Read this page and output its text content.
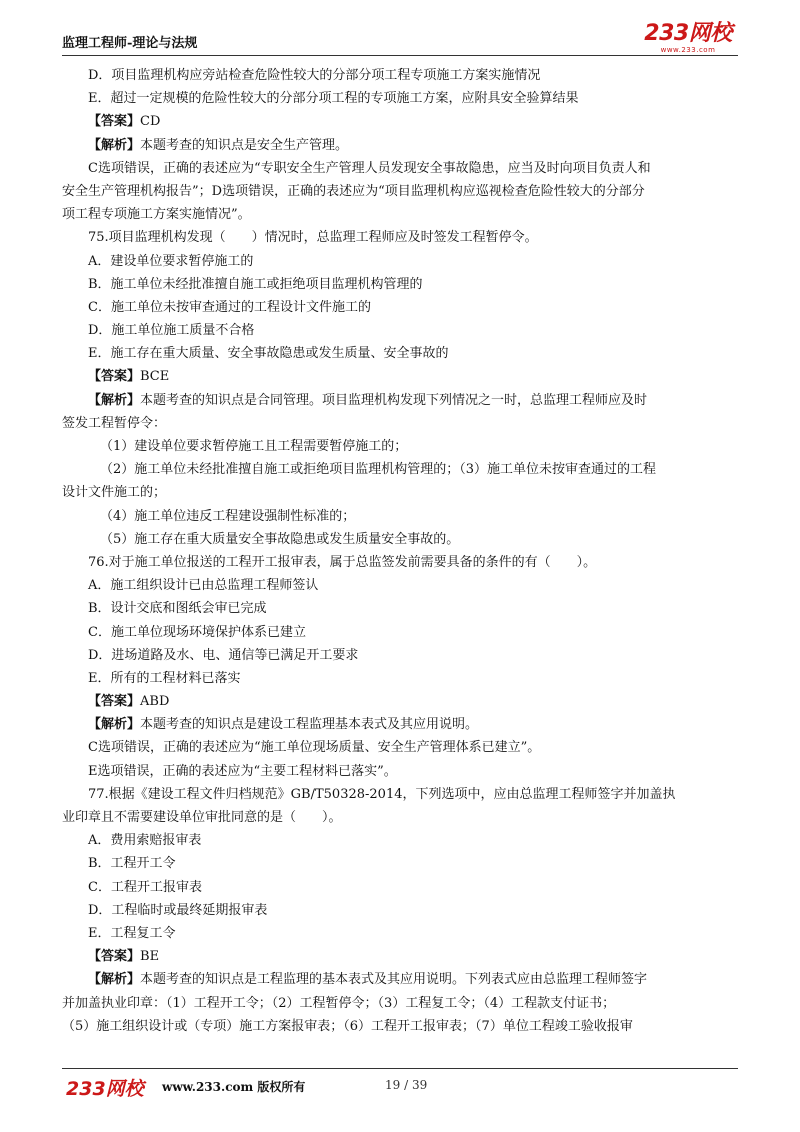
监理工程师-理论与法规	233网校
www.233.com
D．项目监理机构应旁站检查危险性较大的分部分项工程专项施工方案实施情况
E．超过一定规模的危险性较大的分部分项工程的专项施工方案，应附具安全验算结果
【答案】CD
【解析】本题考查的知识点是安全生产管理。
C选项错误，正确的表述应为“专职安全生产管理人员发现安全事故隐患，应当及时向项目负责人和
安全生产管理机构报告”；D选项错误，正确的表述应为“项目监理机构应巡视检查危险性较大的分部分
项工程专项施工方案实施情况”。
75.项目监理机构发现（　　）情况时，总监理工程师应及时签发工程暂停令。
A．建设单位要求暂停施工的
B．施工单位未经批准擅自施工或拒绝项目监理机构管理的
C．施工单位未按审查通过的工程设计文件施工的
D．施工单位施工质量不合格
E．施工存在重大质量、安全事故隐患或发生质量、安全事故的
【答案】BCE
【解析】本题考查的知识点是合同管理。项目监理机构发现下列情况之一时，总监理工程师应及时
签发工程暂停令：
（1）建设单位要求暂停施工且工程需要暂停施工的；
（2）施工单位未经批准擅自施工或拒绝项目监理机构管理的；（3）施工单位未按审查通过的工程
设计文件施工的；
（4）施工单位违反工程建设强制性标准的；
（5）施工存在重大质量安全事故隐患或发生质量安全事故的。
76.对于施工单位报送的工程开工报审表，属于总监签发前需要具备的条件的有（　　）。
A．施工组织设计已由总监理工程师签认
B．设计交底和图纸会审已完成
C．施工单位现场环境保护体系已建立
D．进场道路及水、电、通信等已满足开工要求
E．所有的工程材料已落实
【答案】ABD
【解析】本题考查的知识点是建设工程监理基本表式及其应用说明。
C选项错误，正确的表述应为“施工单位现场质量、安全生产管理体系已建立”。
E选项错误，正确的表述应为“主要工程材料已落实”。
77.根据《建设工程文件归档规范》GB/T50328-2014，下列选项中，应由总监理工程师签字并加盖执
业印章且不需要建设单位审批同意的是（　　）。
A．费用索赔报审表
B．工程开工令
C．工程开工报审表
D．工程临时或最终延期报审表
E．工程复工令
【答案】BE
【解析】本题考查的知识点是工程监理的基本表式及其应用说明。下列表式应由总监理工程师签字
并加盖执业印章：（1）工程开工令；（2）工程暂停令；（3）工程复工令；（4）工程款支付证书；
（5）施工组织设计或（专项）施工方案报审表；（6）工程开工报审表；（7）单位工程竣工验收报审
233网校 www.233.com 版权所有	19 / 39
